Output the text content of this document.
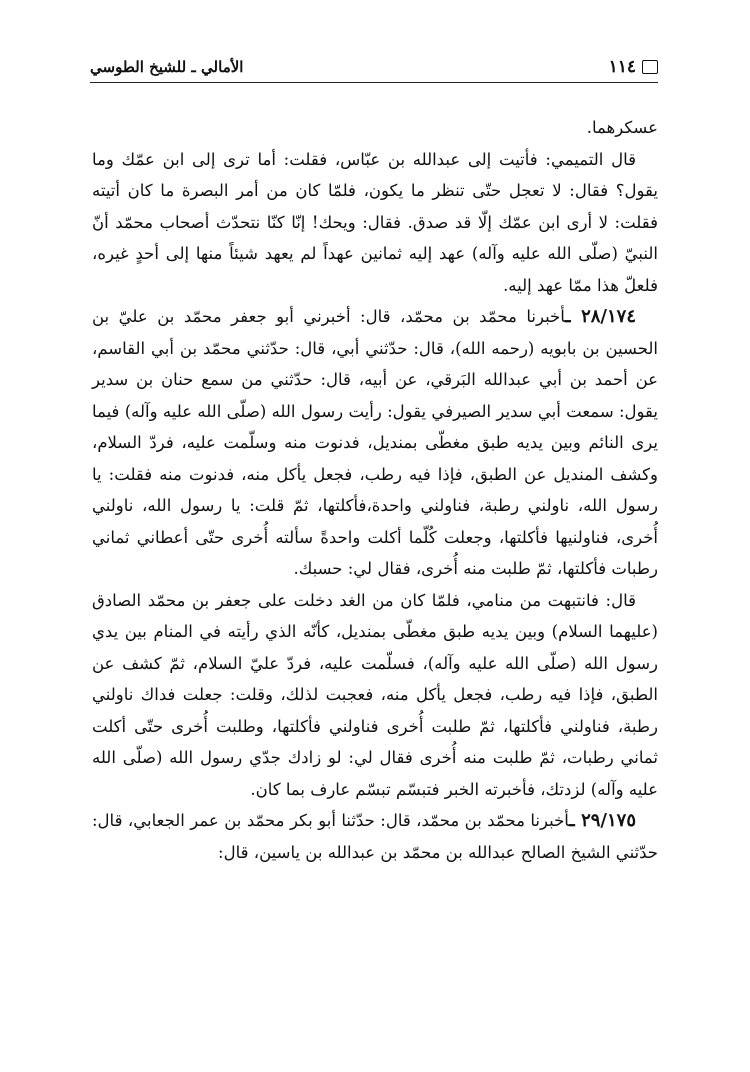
١١٤
الأمالي ـ للشيخ الطوسي

عسكرهما.

قال التميمي: فأتيت إلى عبدالله بن عبّاس، فقلت: أما ترى إلى ابن عمّك وما يقول؟ فقال: لا تعجل حتّى تنظر ما يكون، فلمّا كان من أمر البصرة ما كان أتيته فقلت: لا أرى ابن عمّك إلّا قد صدق. فقال: ويحك! إنّا كنّا نتحدّث أصحاب محمّد أنّ النبيّ (صلّى الله عليه وآله) عهد إليه ثمانين عهداً لم يعهد شيئاً منها إلى أحدٍ غيره، فلعلّ هذا ممّا عهد إليه.

٢٨/١٧٤ ـأخبرنا محمّد بن محمّد، قال: أخبرني أبو جعفر محمّد بن عليّ بن الحسين بن بابويه (رحمه الله)، قال: حدّثني أبي، قال: حدّثني محمّد بن أبي القاسم، عن أحمد بن أبي عبدالله البَرقي، عن أبيه، قال: حدّثني من سمع حنان بن سدير يقول: سمعت أبي سدير الصيرفي يقول: رأيت رسول الله (صلّى الله عليه وآله) فيما يرى النائم وبين يديه طبق مغطّى بمنديل، فدنوت منه وسلّمت عليه، فردّ السلام، وكشف المنديل عن الطبق، فإذا فيه رطب، فجعل يأكل منه، فدنوت منه فقلت: يا رسول الله، ناولني رطبة، فناولني واحدة،فأكلتها، ثمّ قلت: يا رسول الله، ناولني أُخرى، فناولنيها فأكلتها، وجعلت كُلّما أكلت واحدةً سألته أُخرى حتّى أعطاني ثماني رطبات فأكلتها، ثمّ طلبت منه أُخرى، فقال لي: حسبك.

قال: فانتبهت من منامي، فلمّا كان من الغد دخلت على جعفر بن محمّد الصادق (عليهما السلام) وبين يديه طبق مغطّى بمنديل، كأنّه الذي رأيته في المنام بين يدي رسول الله (صلّى الله عليه وآله)، فسلّمت عليه، فردّ عليّ السلام، ثمّ كشف عن الطبق، فإذا فيه رطب، فجعل يأكل منه، فعجبت لذلك، وقلت: جعلت فداك ناولني رطبة، فناولني فأكلتها، ثمّ طلبت أُخرى فناولني فأكلتها، وطلبت أُخرى حتّى أكلت ثماني رطبات، ثمّ طلبت منه أُخرى فقال لي: لو زادك جدّي رسول الله (صلّى الله عليه وآله) لزدتك، فأخبرته الخبر فتبسّم تبسّم عارف بما كان.

٢٩/١٧٥ ـأخبرنا محمّد بن محمّد، قال: حدّثنا أبو بكر محمّد بن عمر الجعابي، قال: حدّثني الشيخ الصالح عبدالله بن محمّد بن عبدالله بن ياسين، قال:
